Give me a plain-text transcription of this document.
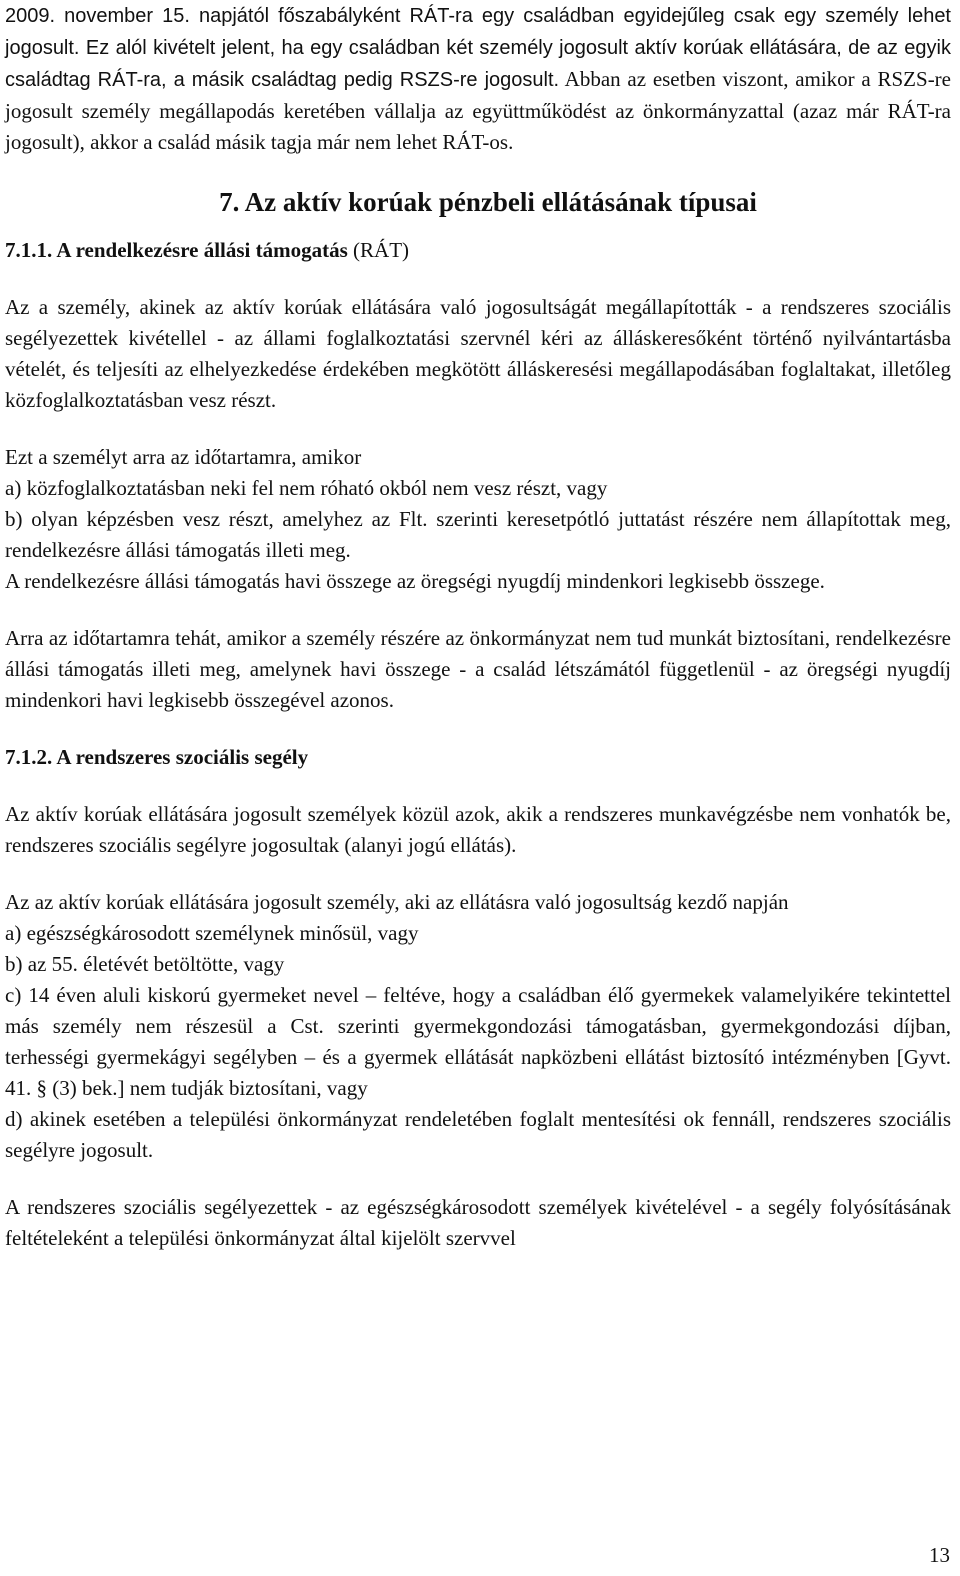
2009. november 15. napjától főszabályként RÁT-ra egy családban egyidejűleg csak egy személy lehet jogosult. Ez alól kivételt jelent, ha egy családban két személy jogosult aktív korúak ellátására, de az egyik családtag RÁT-ra, a másik családtag pedig RSZS-re jogosult. Abban az esetben viszont, amikor a RSZS-re jogosult személy megállapodás keretében vállalja az együttműködést az önkormányzattal (azaz már RÁT-ra jogosult), akkor a család másik tagja már nem lehet RÁT-os.

7. Az aktív korúak pénzbeli ellátásának típusai

7.1.1. A rendelkezésre állási támogatás (RÁT)

Az a személy, akinek az aktív korúak ellátására való jogosultságát megállapították - a rendszeres szociális segélyezettek kivétellel - az állami foglalkoztatási szervnél kéri az álláskeresőként történő nyilvántartásba vételét, és teljesíti az elhelyezkedése érdekében megkötött álláskeresési megállapodásában foglaltakat, illetőleg közfoglalkoztatásban vesz részt.

Ezt a személyt arra az időtartamra, amikor

a) közfoglalkoztatásban neki fel nem róható okból nem vesz részt, vagy

b) olyan képzésben vesz részt, amelyhez az Flt. szerinti keresetpótló juttatást részére nem állapítottak meg, rendelkezésre állási támogatás illeti meg.

A rendelkezésre állási támogatás havi összege az öregségi nyugdíj mindenkori legkisebb összege.

Arra az időtartamra tehát, amikor a személy részére az önkormányzat nem tud munkát biztosítani, rendelkezésre állási támogatás illeti meg, amelynek havi összege - a család létszámától függetlenül - az öregségi nyugdíj mindenkori havi legkisebb összegével azonos.

7.1.2. A rendszeres szociális segély

Az aktív korúak ellátására jogosult személyek közül azok, akik a rendszeres munkavégzésbe nem vonhatók be, rendszeres szociális segélyre jogosultak (alanyi jogú ellátás).

Az az aktív korúak ellátására jogosult személy, aki az ellátásra való jogosultság kezdő napján

a) egészségkárosodott személynek minősül, vagy

b) az 55. életévét betöltötte, vagy

c) 14 éven aluli kiskorú gyermeket nevel – feltéve, hogy a családban élő gyermekek valamelyikére tekintettel más személy nem részesül a Cst. szerinti gyermekgondozási támogatásban, gyermekgondozási díjban, terhességi gyermekágyi segélyben – és a gyermek ellátását napközbeni ellátást biztosító intézményben [Gyvt. 41. § (3) bek.] nem tudják biztosítani, vagy

d) akinek esetében a települési önkormányzat rendeletében foglalt mentesítési ok fennáll, rendszeres szociális segélyre jogosult.

A rendszeres szociális segélyezettek - az egészségkárosodott személyek kivételével - a segély folyósításának feltételeként a települési önkormányzat által kijelölt szervvel

13
